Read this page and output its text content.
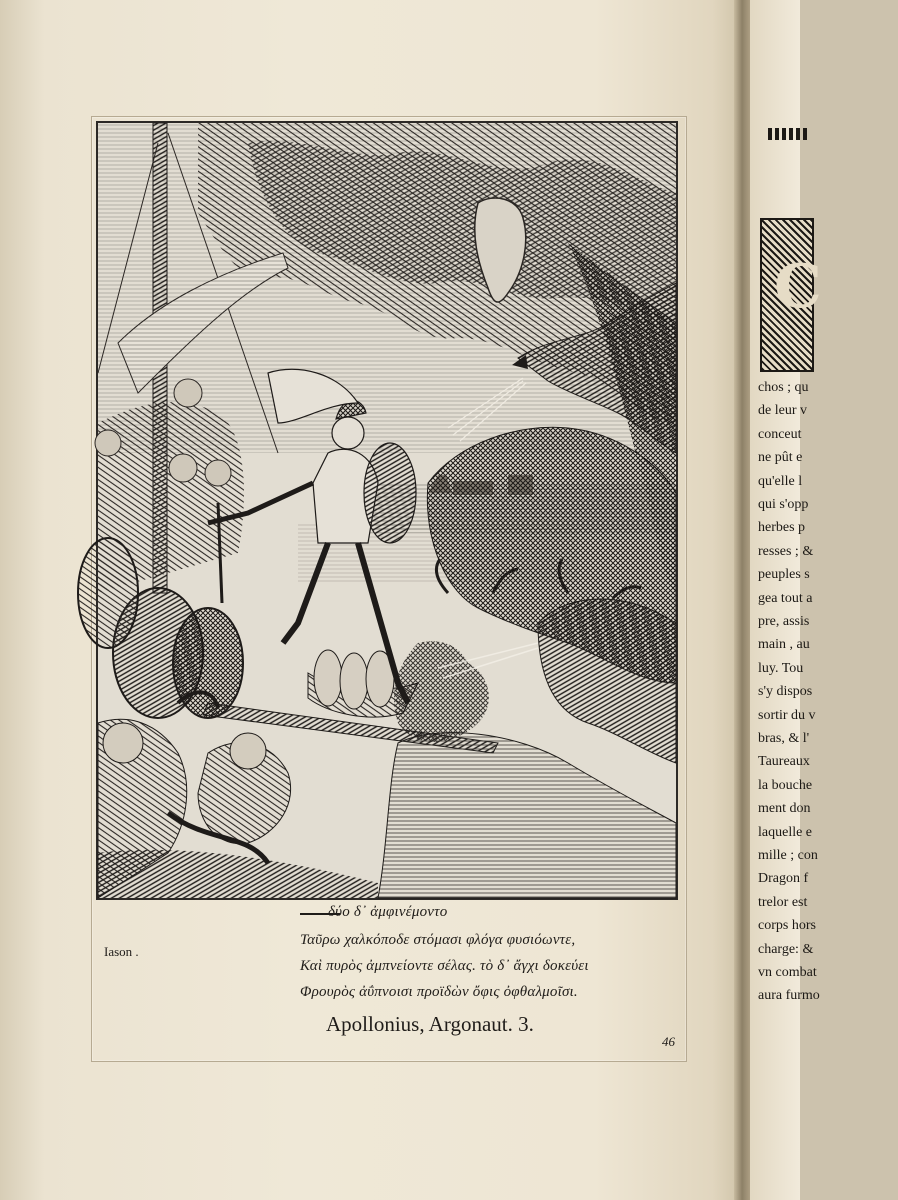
C
chos ; qu
de leur v
conceut
ne pût e
qu'elle l
qui s'opp
herbes p
resses ; &
peuples s
gea tout a
pre, assis
main , au
luy. Tou
s'y dispos
sortir du v
bras, & l'
Taureaux
la bouche
ment don
laquelle e
mille ; con
Dragon f
trelor est
corps hors
charge: &
vn combat
aura furmo
δύο δ᾽ ἀμφινέμοντο
Ταῦρω χαλκόποδε στόμασι φλόγα φυσιόωντε,
Καὶ πυρὸς ἀμπνείοντε σέλας. τὸ δ᾽ ἄγχι δοκεύει
Φρουρὸς ἀΰπνοισι προϊδὼν ὄφις ὀφθαλμοῖσι.
Apollonius, Argonaut. 3.
Iason .
46
